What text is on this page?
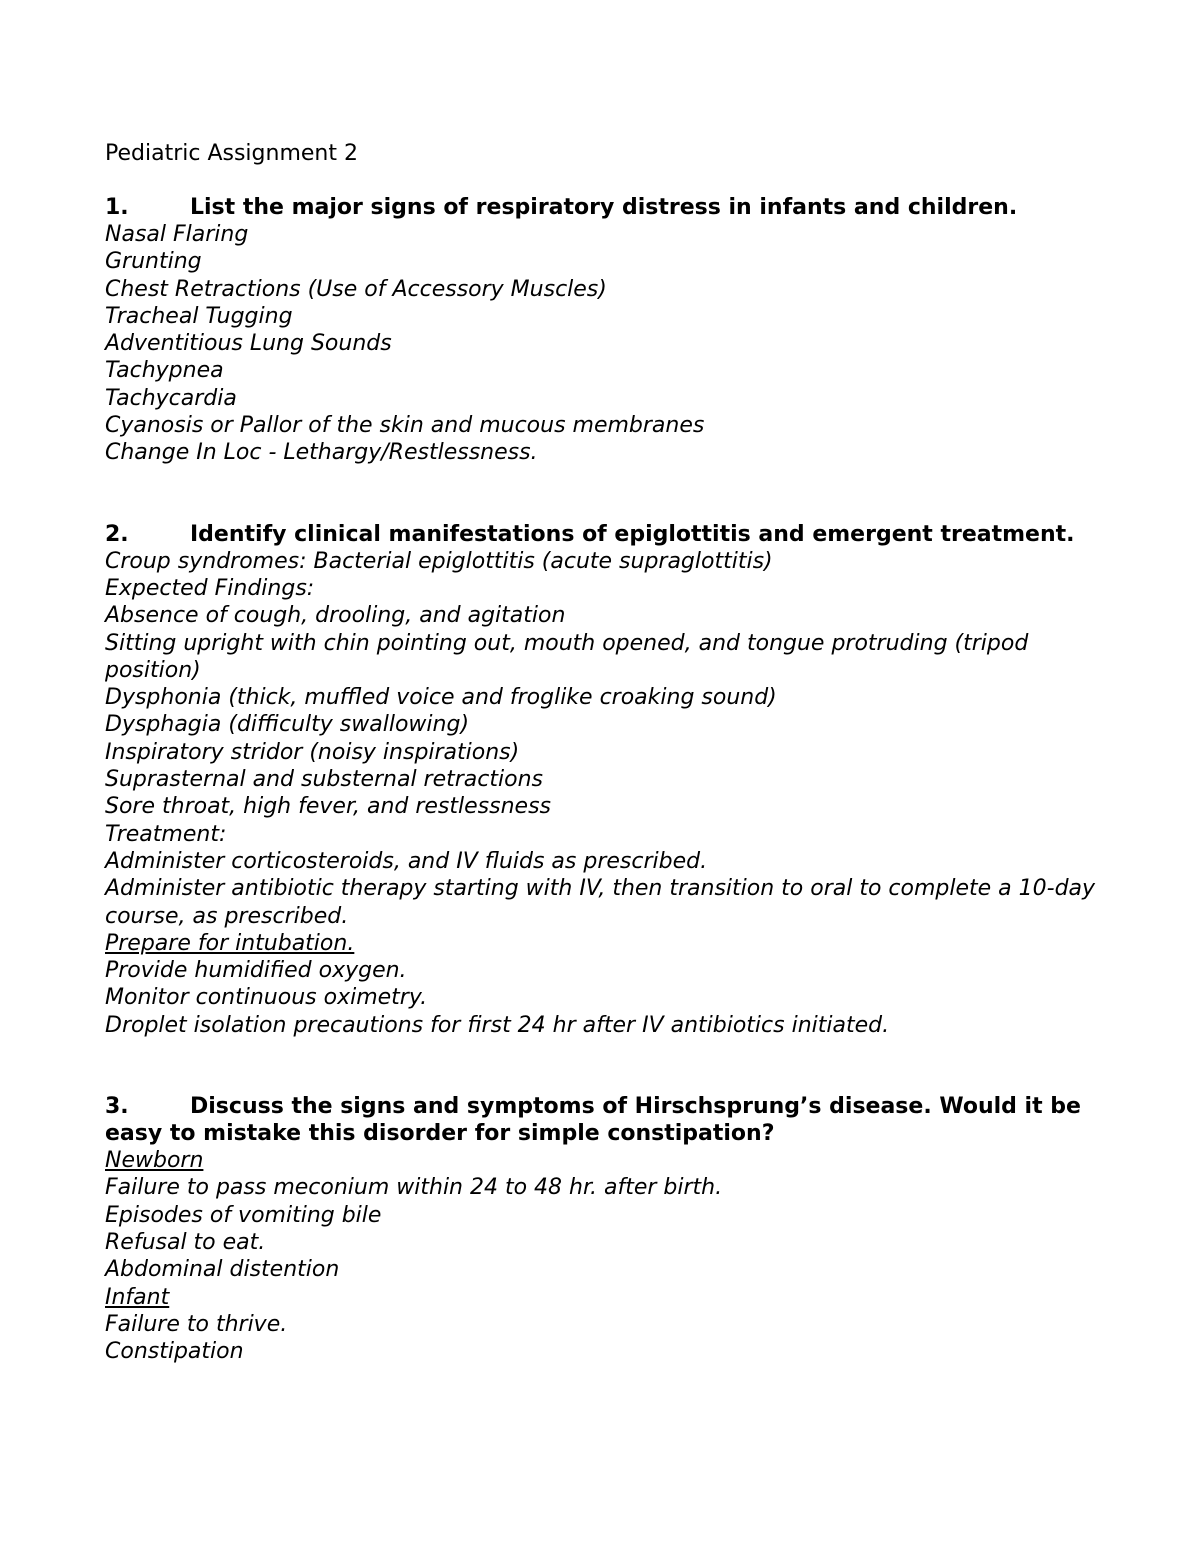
Pediatric Assignment 2

1.	List the major signs of respiratory distress in infants and children.

Nasal Flaring

Grunting

Chest Retractions (Use of Accessory Muscles)

Tracheal Tugging

Adventitious Lung Sounds

Tachypnea

Tachycardia

Cyanosis or Pallor of the skin and mucous membranes

Change In Loc - Lethargy/Restlessness.

2.	Identify clinical manifestations of epiglottitis and emergent treatment.

Croup syndromes: Bacterial epiglottitis (acute supraglottitis)

Expected Findings:

Absence of cough, drooling, and agitation

Sitting upright with chin pointing out, mouth opened, and tongue protruding (tripod position)

Dysphonia (thick, muffled voice and froglike croaking sound)

Dysphagia (difficulty swallowing)

Inspiratory stridor (noisy inspirations)

Suprasternal and substernal retractions

Sore throat, high fever, and restlessness

Treatment:

Administer corticosteroids, and IV fluids as prescribed.

Administer antibiotic therapy starting with IV, then transition to oral to complete a 10-day course, as prescribed.

Prepare for intubation.

Provide humidified oxygen.

Monitor continuous oximetry.

Droplet isolation precautions for first 24 hr after IV antibiotics initiated.

3.	Discuss the signs and symptoms of Hirschsprung’s disease. Would it be easy to mistake this disorder for simple constipation?

Newborn

Failure to pass meconium within 24 to 48 hr. after birth.

Episodes of vomiting bile

Refusal to eat.

Abdominal distention

Infant

Failure to thrive.

Constipation
